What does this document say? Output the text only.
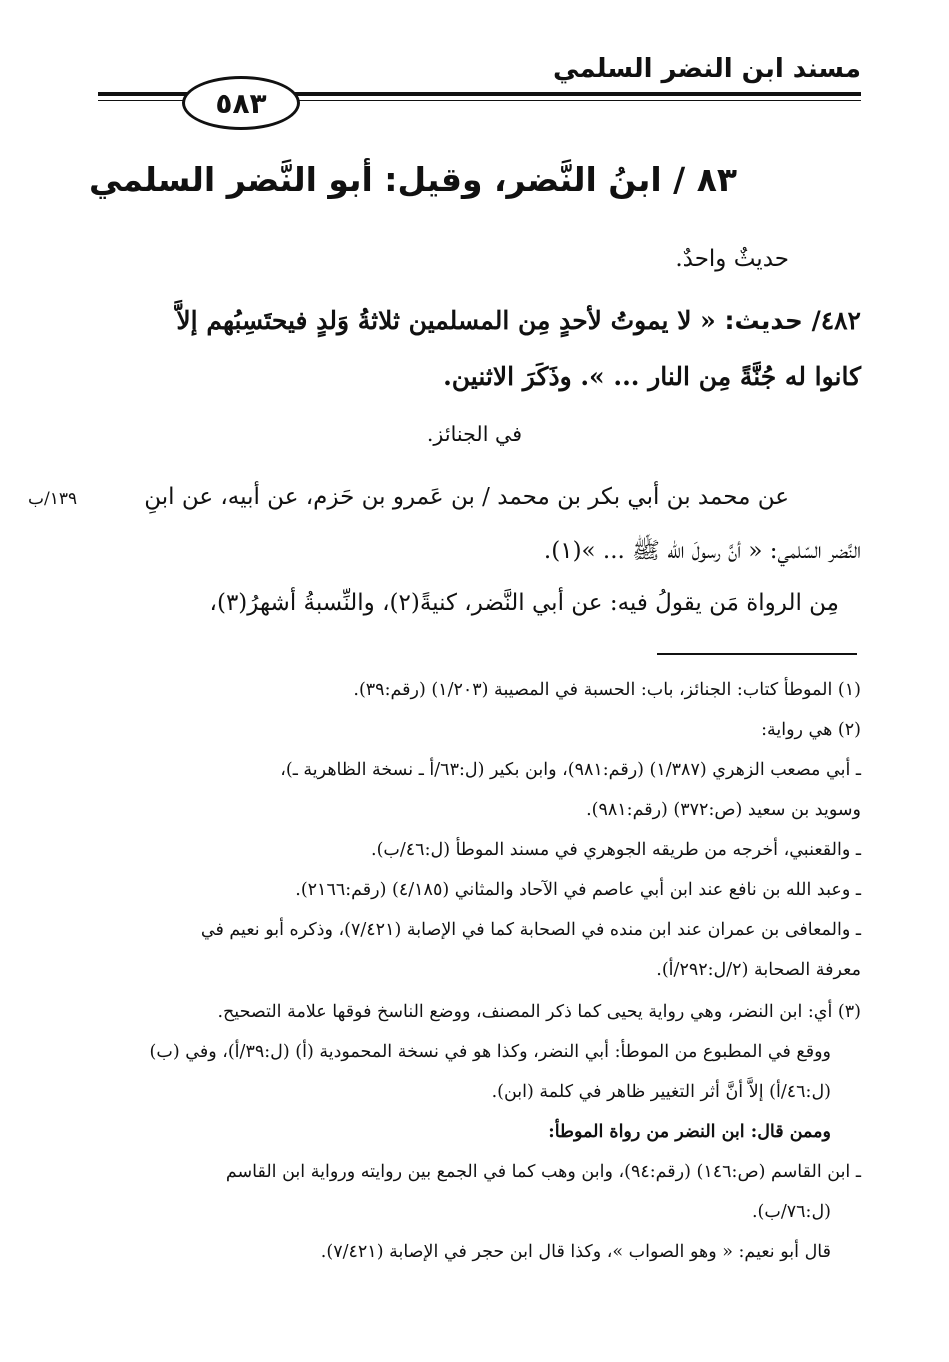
مسند ابن النضر السلمي
٥٨٣
٨٣ / ابنُ النَّضر، وقيل: أبو النَّضر السلمي
حديثٌ واحدٌ.
٤٨٢/ حديث: « لا يموتُ لأحدٍ مِن المسلمين ثلاثةُ وَلدٍ فيحتَسِبُهم إلاَّ
كانوا له جُنَّةً مِن النار ... ». وذَكَرَ الاثنين.
في الجنائز.
عن محمد بن أبي بكر بن محمد / بن عَمرو بن حَزم، عن أبيه، عن ابنِ
١٣٩/ب
النَّضر السّلمي: « أنَّ رسولَ الله ﷺ ... »(١).
مِن الرواة مَن يقولُ فيه: عن أبي النَّضر، كنيةً(٢)، والنِّسبةُ أشهرُ(٣)،
(١) الموطأ كتاب: الجنائز، باب: الحسبة في المصيبة (١/٢٠٣) (رقم:٣٩).
(٢) هي رواية:
ـ أبي مصعب الزهري (١/٣٨٧) (رقم:٩٨١)، وابن بكير (ل:٦٣/أ ـ نسخة الظاهرية ـ)،
وسويد بن سعيد (ص:٣٧٢) (رقم:٩٨١).
ـ والقعنبي، أخرجه من طريقه الجوهري في مسند الموطأ (ل:٤٦/ب).
ـ وعبد الله بن نافع عند ابن أبي عاصم في الآحاد والمثاني (٤/١٨٥) (رقم:٢١٦٦).
ـ والمعافى بن عمران عند ابن منده في الصحابة كما في الإصابة (٧/٤٢١)، وذكره أبو نعيم في
معرفة الصحابة (٢/ل:٢٩٢/أ).
(٣) أي: ابن النضر، وهي رواية يحيى كما ذكر المصنف، ووضع الناسخ فوقها علامة التصحيح.
ووقع في المطبوع من الموطأ: أبي النضر، وكذا هو في نسخة المحمودية (أ) (ل:٣٩/أ)، وفي (ب)
(ل:٤٦/أ) إلاَّ أنَّ أثر التغيير ظاهر في كلمة (ابن).
وممن قال: ابن النضر من رواة الموطأ:
ـ ابن القاسم (ص:١٤٦) (رقم:٩٤)، وابن وهب كما في الجمع بين روايته ورواية ابن القاسم
(ل:٧٦/ب).
قال أبو نعيم: « وهو الصواب »، وكذا قال ابن حجر في الإصابة (٧/٤٢١).
